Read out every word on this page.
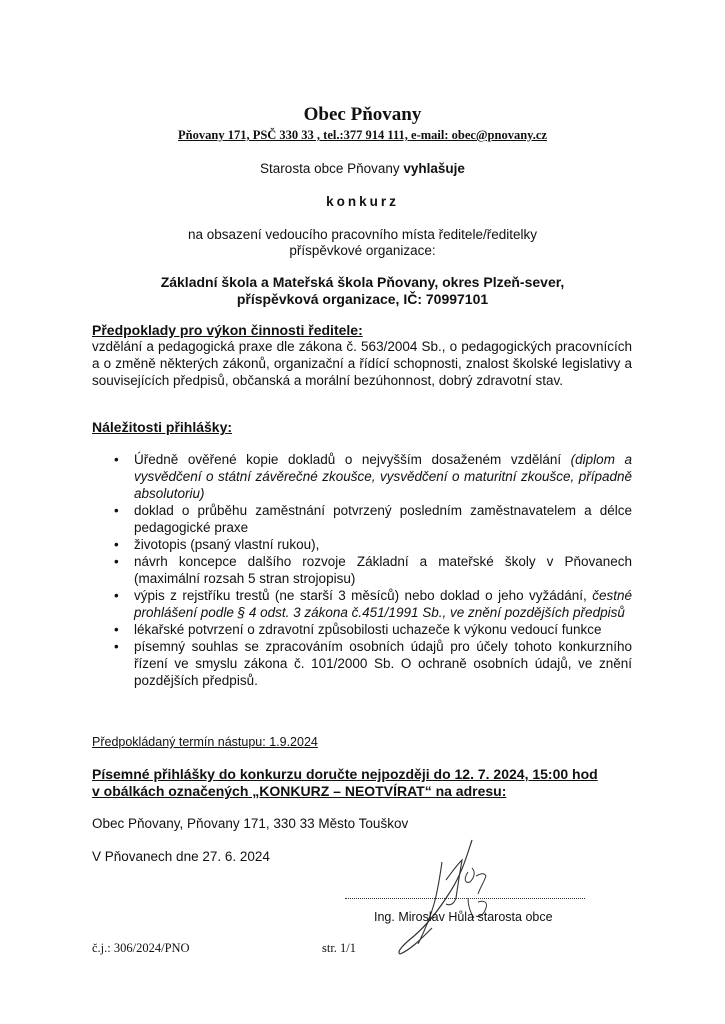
Obec Pňovany
Pňovany 171, PSČ 330 33 , tel.:377 914 111, e-mail: obec@pnovany.cz
Starosta obce Pňovany vyhlašuje
konkurz
na obsazení vedoucího pracovního místa ředitele/ředitelky
příspěvkové organizace:
Základní škola a Mateřská škola Pňovany, okres Plzeň-sever,
příspěvková organizace, IČ: 70997101
Předpoklady pro výkon činnosti ředitele:
vzdělání a pedagogická praxe dle zákona č. 563/2004 Sb., o pedagogických pracovnících a o změně některých zákonů, organizační a řídící schopnosti, znalost školské legislativy a souvisejících předpisů, občanská a morální bezúhonnost, dobrý zdravotní stav.
Náležitosti přihlášky:
• Úředně ověřené kopie dokladů o nejvyšším dosaženém vzdělání (diplom a vysvědčení o státní závěrečné zkoušce, vysvědčení o maturitní zkoušce, případně absolutoriu)
• doklad o průběhu zaměstnání potvrzený posledním zaměstnavatelem a délce pedagogické praxe
• životopis (psaný vlastní rukou),
• návrh koncepce dalšího rozvoje Základní a mateřské školy v Pňovanech (maximální rozsah 5 stran strojopisu)
• výpis z rejstříku trestů (ne starší 3 měsíců) nebo doklad o jeho vyžádání, čestné prohlášení podle § 4 odst. 3 zákona č.451/1991 Sb., ve znění pozdějších předpisů
• lékařské potvrzení o zdravotní způsobilosti uchazeče k výkonu vedoucí funkce
• písemný souhlas se zpracováním osobních údajů pro účely tohoto konkurzního řízení ve smyslu zákona č. 101/2000 Sb. O ochraně osobních údajů, ve znění pozdějších předpisů.
Předpokládaný termín nástupu: 1.9.2024
Písemné přihlášky do konkurzu doručte nejpozději do 12. 7. 2024, 15:00 hod
v obálkách označených „KONKURZ – NEOTVÍRAT“ na adresu:
Obec Pňovany, Pňovany 171, 330 33 Město Touškov
V Pňovanech dne 27. 6. 2024
Ing. Miroslav Hůla starosta obce
č.j.: 306/2024/PNO	str. 1/1
